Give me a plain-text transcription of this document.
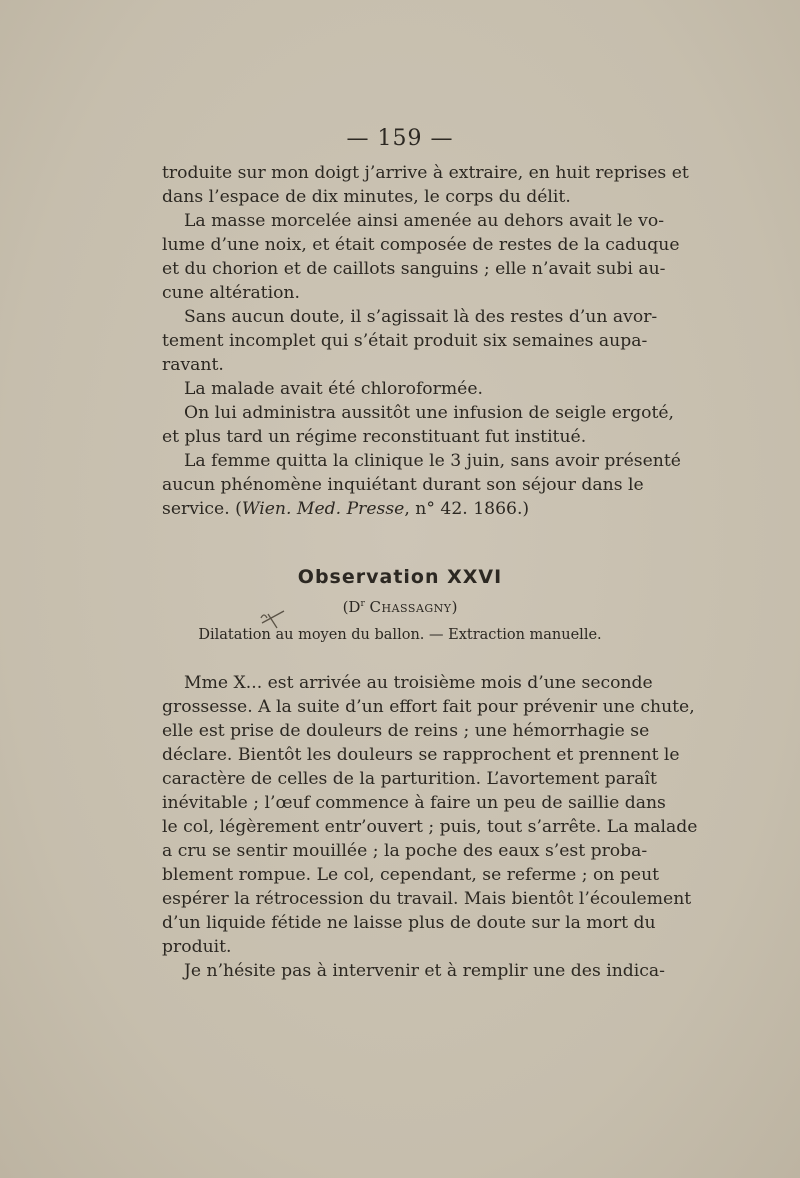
— 159 —
troduite sur mon doigt j’arrive à extraire, en huit reprises et
dans l’espace de dix minutes, le corps du délit.
La masse morcelée ainsi amenée au dehors avait le vo-
lume d’une noix, et était composée de restes de la caduque
et du chorion et de caillots sanguins ; elle n’avait subi au-
cune altération.
Sans aucun doute, il s’agissait là des restes d’un avor-
tement incomplet qui s’était produit six semaines aupa-
ravant.
La malade avait été chloroformée.
On lui administra aussitôt une infusion de seigle ergoté,
et plus tard un régime reconstituant fut institué.
La femme quitta la clinique le 3 juin, sans avoir présenté
aucun phénomène inquiétant durant son séjour dans le
service. (Wien. Med. Presse, n° 42. 1866.)
Observation XXVI
($D^r$ Chassagny)
Dilatation au moyen du ballon. — Extraction manuelle.
Mme X... est arrivée au troisième mois d’une seconde
grossesse. A la suite d’un effort fait pour prévenir une chute,
elle est prise de douleurs de reins ; une hémorrhagie se
déclare. Bientôt les douleurs se rapprochent et prennent le
caractère de celles de la parturition. L’avortement paraît
inévitable ; l’œuf commence à faire un peu de saillie dans
le col, légèrement entr’ouvert ; puis, tout s’arrête. La malade
a cru se sentir mouillée ; la poche des eaux s’est proba-
blement rompue. Le col, cependant, se referme ; on peut
espérer la rétrocession du travail. Mais bientôt l’écoulement
d’un liquide fétide ne laisse plus de doute sur la mort du
produit.
Je n’hésite pas à intervenir et à remplir une des indica-
